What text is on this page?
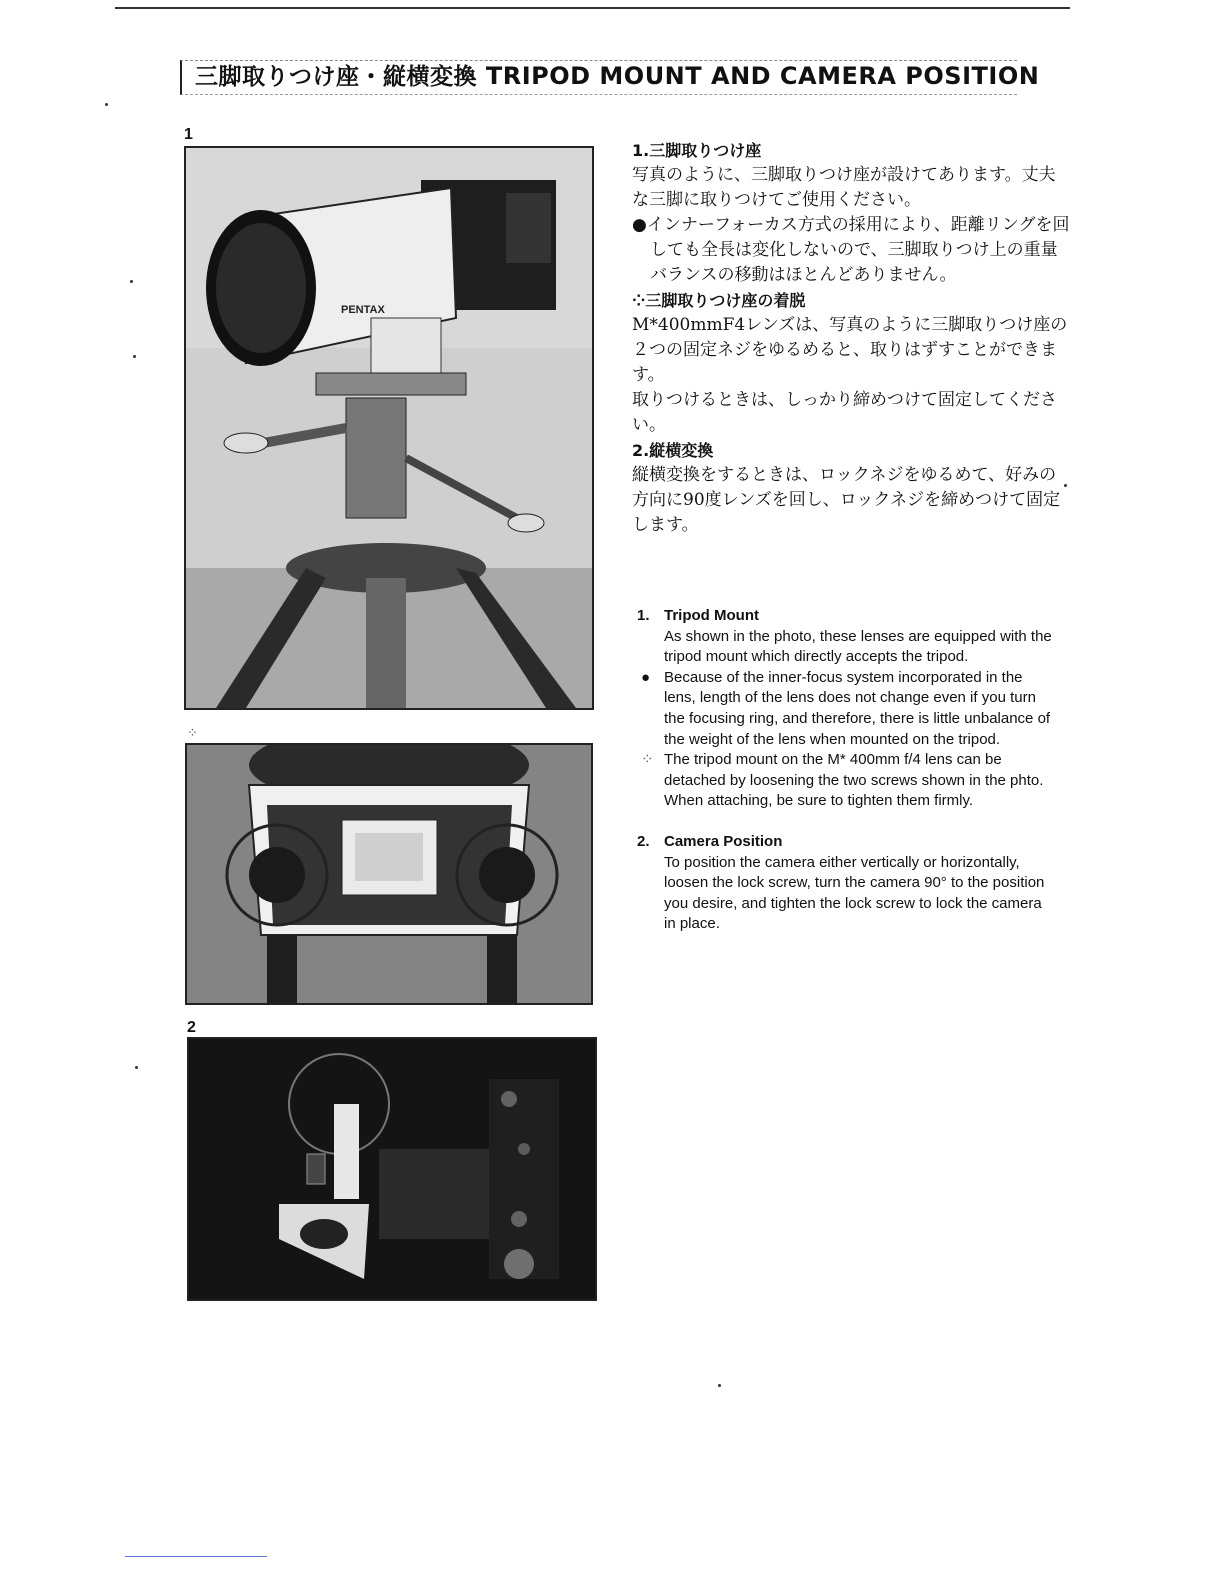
三脚取りつけ座・縦横変換 TRIPOD MOUNT AND CAMERA POSITION
1
PENTAX
⁘
2

1.三脚取りつけ座

写真のように、三脚取りつけ座が設けてあります。丈夫な三脚に取りつけてご使用ください。

●インナーフォーカス方式の採用により、距離リングを回しても全長は変化しないので、三脚取りつけ上の重量バランスの移動はほとんどありません。

⁘三脚取りつけ座の着脱

M*400mmF4レンズは、写真のように三脚取りつけ座の２つの固定ネジをゆるめると、取りはずすことができます。

取りつけるときは、しっかり締めつけて固定してください。

2.縦横変換

縦横変換をするときは、ロックネジをゆるめて、好みの方向に90度レンズを回し、ロックネジを締めつけて固定します。

1. Tripod Mount
As shown in the photo, these lenses are equipped with the tripod mount which directly accepts the tripod.
● Because of the inner-focus system incorporated in the lens, length of the lens does not change even if you turn the focusing ring, and therefore, there is little unbalance of the weight of the lens when mounted on the tripod.
⁘ The tripod mount on the M* 400mm f/4 lens can be detached by loosening the two screws shown in the phto. When attaching, be sure to tighten them firmly.
2. Camera Position
To position the camera either vertically or horizontally, loosen the lock screw, turn the camera 90° to the position you desire, and tighten the lock screw to lock the camera in place.
